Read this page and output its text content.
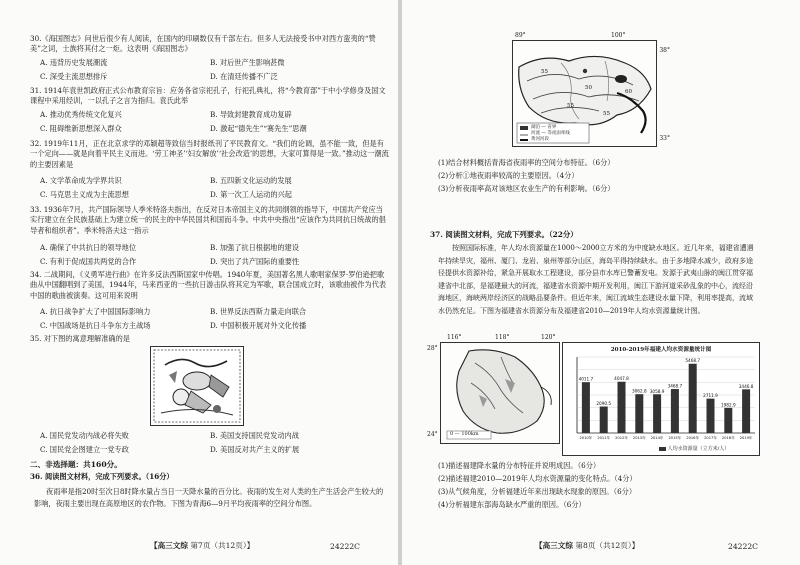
30.《海国图志》问世后很少有人阅读，在国内的印刷数仅有千部左右。但多人无法接受书中对西方蛮夷的“赞美”之词，士族将其付之一炬。这表明《海国图志》
A. 违背历史发展潮流	B. 对后世产生影响甚微
C. 深受主流思想排斥	D. 在清廷传播不广泛
31. 1914年袁世凯政府正式公布教育宗旨：应务各省宗祀孔子，行祀孔典礼，将“今教育部”于中小学修身及国文课程中采用经训，一以孔子之言为指归。袁氏此举
A. 推动优秀传统文化复兴	B. 导致封建教育成功复辟
C. 阻碍维新思想深入群众	D. 激起“德先生”“赛先生”思潮
32. 1919年11月，正在北京求学的邓颖超等致信当时报纸刊了平民教育文。“我们的论调，虽不能一致，但是有一个定向——就是向着平民主义而进。‘劳工神圣’‘妇女解放’‘社会改造’的思想，大家可算得是一致。”推动这一潮流的主要因素是
A. 文学革命成为学界共识	B. 五四新文化运动的发展
C. 马克思主义成为主流思想	D. 第一次工人运动的兴起
33. 1936年7月，共产国际领导人季米特洛夫指出，在反对日本帝国主义的共同纲领的指导下，中国共产党应当实行建立在全民族基础上为建立统一的民主的中华民国共和国而斗争。中共中央指出“应该作为共同抗日统战的倡导者和组织者”。季米特洛夫这一指示
A. 确保了中共抗日的领导地位	B. 加强了抗日根据地的建设
C. 有利于促成国共两党的合作	D. 突出了共产国际的重要性
34. 二战期间，《义勇军进行曲》在许多反法西斯国家中传唱。1940年夏，美国著名黑人歌唱家保罗·罗伯逊把歌曲从中国翻唱到了美国，1944年，马来西亚的一些抗日游击队将其定为军歌，联合国成立时，该歌曲被作为代表中国的歌曲被演奏。这可用来说明
A. 抗日战争扩大了中国国际影响力	B. 世界反法西斯力量走向联合
C. 中国战场是抗日斗争东方主战场	D. 中国积极开展对外文化传播
35. 对下图的寓意理解准确的是
A. 国民党发动内战必将失败	B. 美国支持国民党发动内战
C. 国民党企图建立一党专政	D. 美国反对共产主义的扩展
二、非选择题：共160分。
36. 阅读图文材料，完成下列要求。（16分）
夜雨率是指20时至次日8时降水量占当日一天降水量的百分比。夜雨的发生对人类的生产生活会产生较大的影响，夜雨主要出现在高原地区的农作物。下图为青海6—9月平均夜雨率的空间分布图。
【高三文综 第7页（共12页）】	24222C
89°	100°
38°
33°
55
50
60
55
55
湖泊 — 省界
河流 — 等夜雨率线
黄河河段
(1)结合材料概括青海省夜雨率的空间分布特征。（6分）
(2)分析①地夜雨率较高的主要原因。（4分）
(3)分析夜雨率高对该地区农业生产的有利影响。（6分）
37. 阅读图文材料，完成下列要求。（22分）
按照国际标准，年人均水资源量在1000～2000立方米的为中度缺水地区。近几年来，福建省遭遇年持续旱灾，福州、厦门、龙岩、泉州等部分山区，海岛平得持续缺水。由于多地降水减少，政府多途径提供水资源补给，紧急开展取水工程建设，部分县市水库已警蓄发电。发源于武夷山脉的闽江贯穿福建省中北部，是福建最大的河流，福建省水资源中期开发利用，闽江下游河道采砂乱象的中心，流经沿海地区，海峡两岸经济区的战略品要条件。但近年来，闽江流域生态建设水量下降，利用率提高，流域水仍然充足。下图为福建省水资源分布及福建省2010—2019年人均水资源量统计图。
116°	118°	120°
28°
24° 0 — 100km
2010-2019年福建人均水资源量统计图
4011.7
2010年
2090.5
2011年
4047.8
2012年
3062.8
2013年
3058.9
2014年
3468.7
2015年
5468.7
2016年
2711.9
2017年
1982.9
2018年
3446.8
2019年
人均水资源量（立方米/人）
(1)描述福建降水量的分布特征并说明成因。（6分）
(2)描述福建2010—2019年人均水资源量的变化特点。（4分）
(3)从气候角度，分析福建近年来出现缺水现象的原因。（6分）
(4)分析福建东部海岛缺水严重的原因。（6分）
【高三文综 第8页（共12页）】	24222C
